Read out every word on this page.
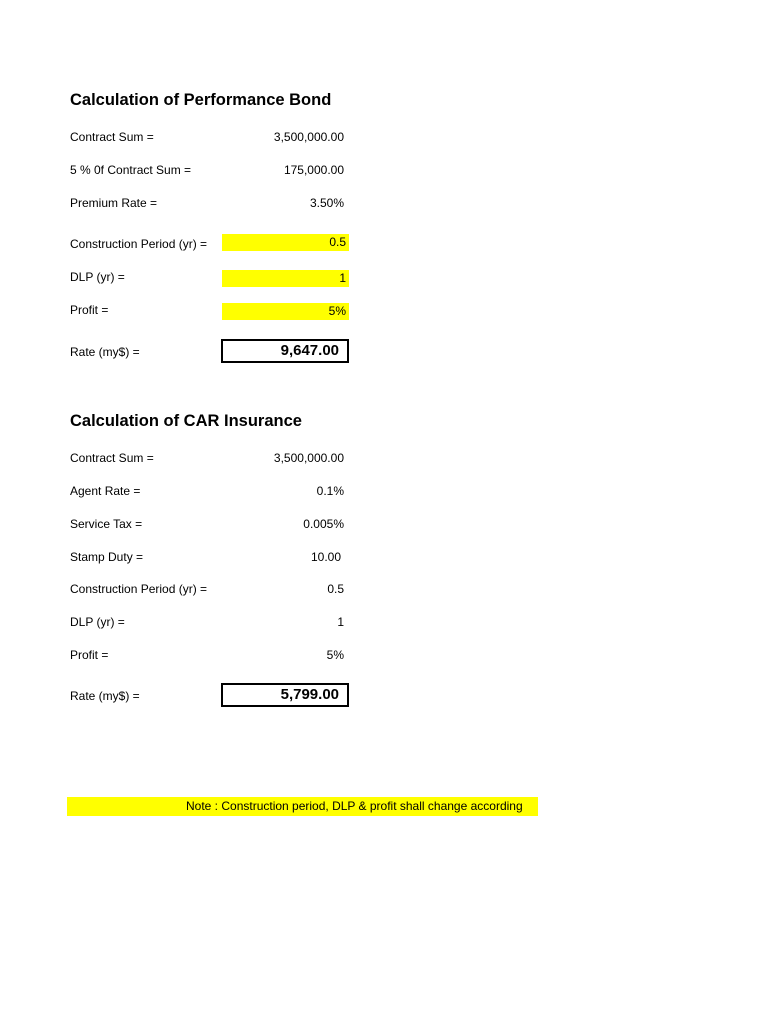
Calculation of Performance Bond
Contract Sum =	3,500,000.00
5 % 0f Contract Sum =	175,000.00
Premium Rate =	3.50%
Construction Period (yr) =	0.5
DLP (yr) =	1
Profit =	5%
Rate (my$) =	9,647.00
Calculation of CAR Insurance
Contract Sum =	3,500,000.00
Agent Rate =	0.1%
Service Tax =	0.005%
Stamp Duty =	10.00
Construction Period (yr) =	0.5
DLP (yr) =	1
Profit =	5%
Rate (my$) =	5,799.00
Note : Construction period, DLP & profit shall change according
